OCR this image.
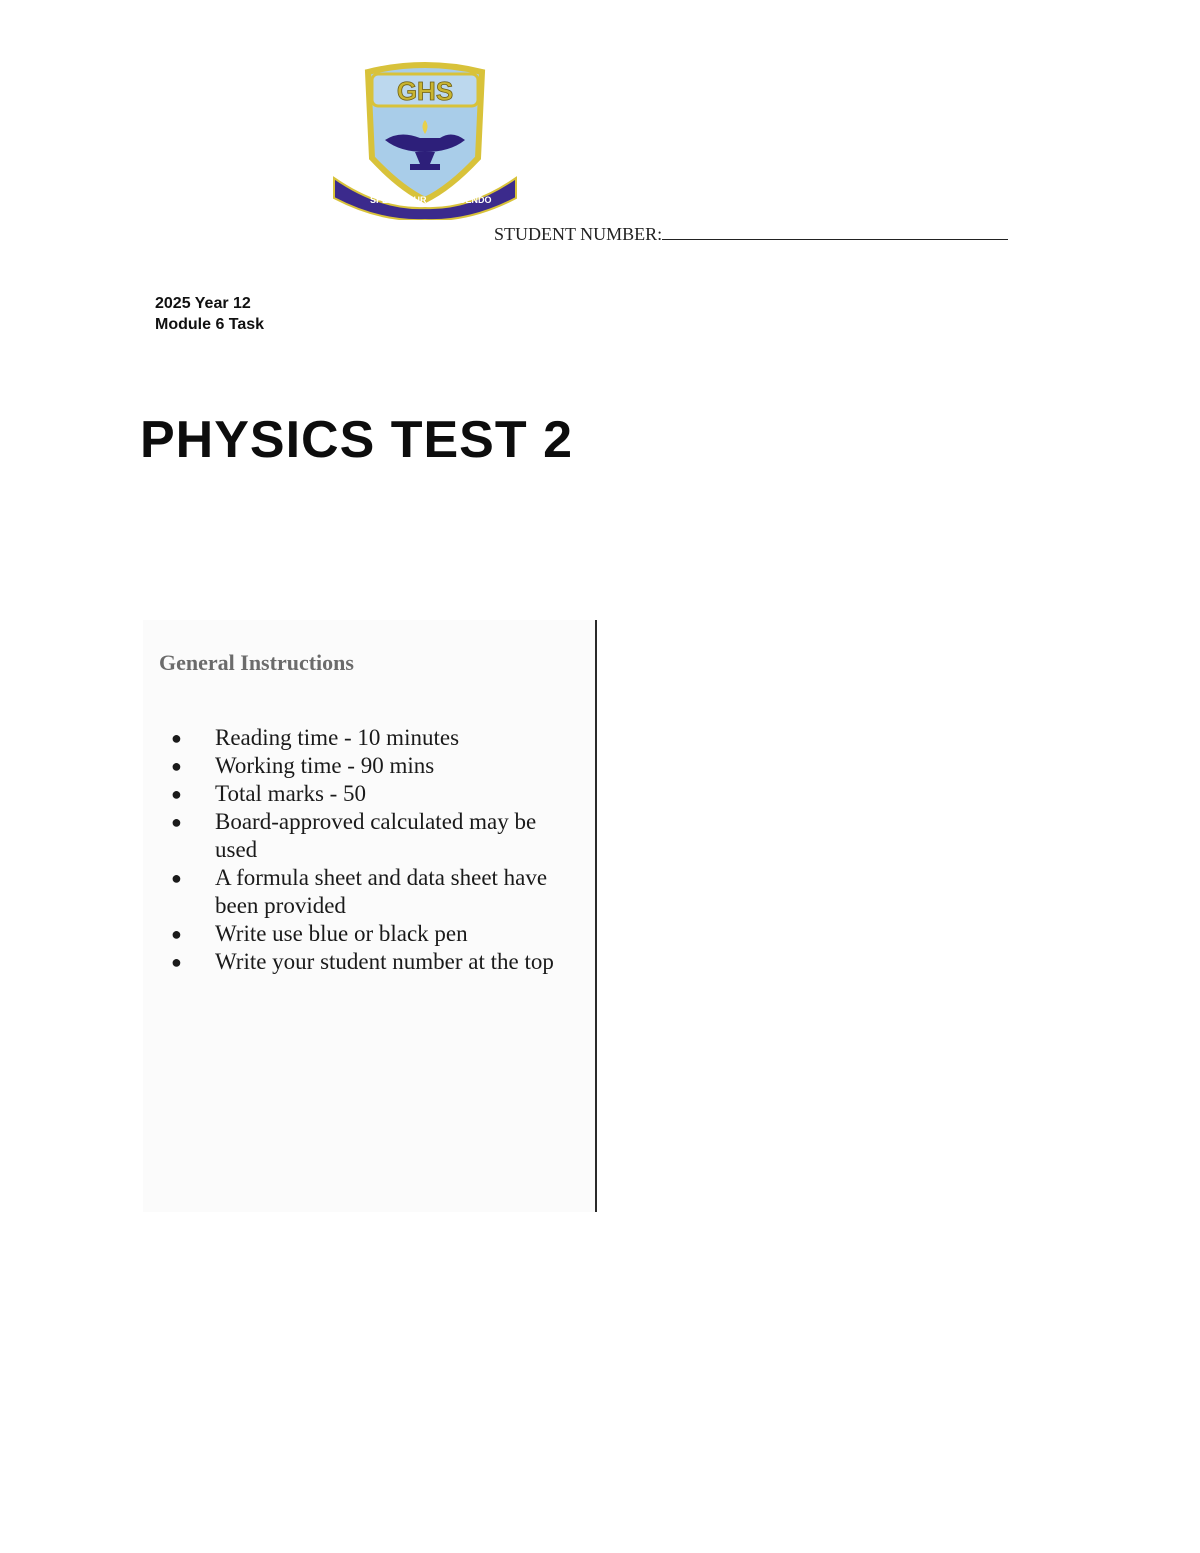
GHS
SPECTEMUR	AGENDO
STUDENT NUMBER:
2025 Year 12
Module 6 Task
PHYSICS TEST 2
General Instructions
● Reading time - 10 minutes
● Working time - 90 mins
● Total marks - 50
● Board-approved calculated may be used
● A formula sheet and data sheet have been provided
● Write use blue or black pen
● Write your student number at the top
